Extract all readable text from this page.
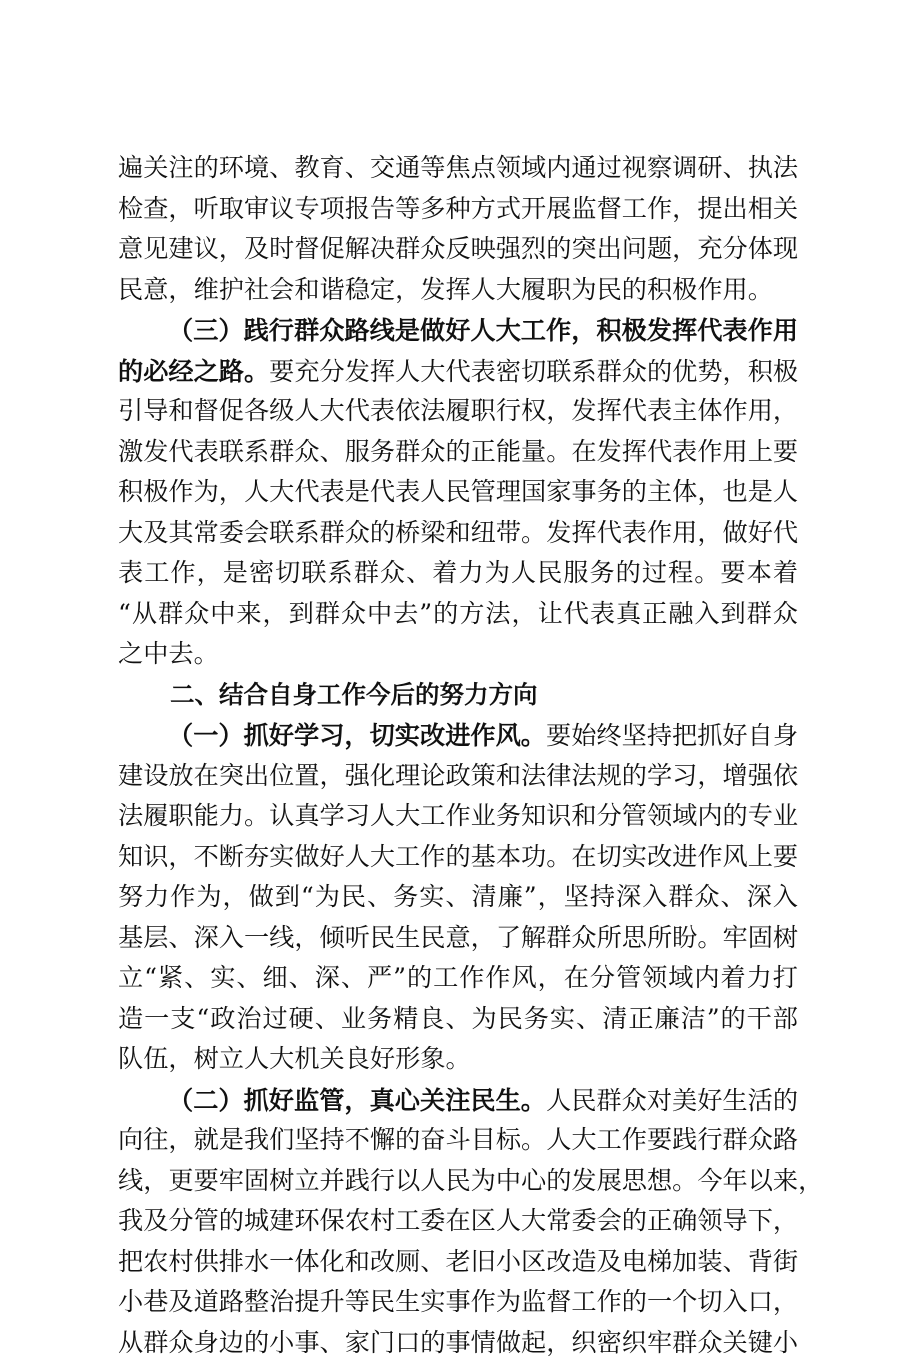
遍关注的环境、教育、交通等焦点领域内通过视察调研、执法
检查，听取审议专项报告等多种方式开展监督工作，提出相关
意见建议，及时督促解决群众反映强烈的突出问题，充分体现
民意，维护社会和谐稳定，发挥人大履职为民的积极作用。
（三）践行群众路线是做好人大工作，积极发挥代表作用
的必经之路。要充分发挥人大代表密切联系群众的优势，积极
引导和督促各级人大代表依法履职行权，发挥代表主体作用，
激发代表联系群众、服务群众的正能量。在发挥代表作用上要
积极作为，人大代表是代表人民管理国家事务的主体，也是人
大及其常委会联系群众的桥梁和纽带。发挥代表作用，做好代
表工作，是密切联系群众、着力为人民服务的过程。要本着
“从群众中来，到群众中去”的方法，让代表真正融入到群众
之中去。
二、结合自身工作今后的努力方向
（一）抓好学习，切实改进作风。要始终坚持把抓好自身
建设放在突出位置，强化理论政策和法律法规的学习，增强依
法履职能力。认真学习人大工作业务知识和分管领域内的专业
知识，不断夯实做好人大工作的基本功。在切实改进作风上要
努力作为，做到“为民、务实、清廉”，坚持深入群众、深入
基层、深入一线，倾听民生民意，了解群众所思所盼。牢固树
立“紧、实、细、深、严”的工作作风，在分管领域内着力打
造一支“政治过硬、业务精良、为民务实、清正廉洁”的干部
队伍，树立人大机关良好形象。
（二）抓好监管，真心关注民生。人民群众对美好生活的
向往，就是我们坚持不懈的奋斗目标。人大工作要践行群众路
线，更要牢固树立并践行以人民为中心的发展思想。今年以来，
我及分管的城建环保农村工委在区人大常委会的正确领导下，
把农村供排水一体化和改厕、老旧小区改造及电梯加装、背街
小巷及道路整治提升等民生实事作为监督工作的一个切入口，
从群众身边的小事、家门口的事情做起，织密织牢群众关键小
